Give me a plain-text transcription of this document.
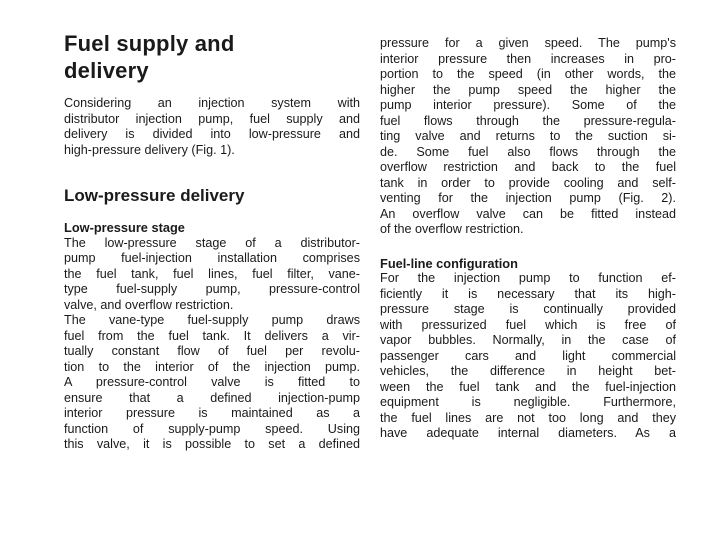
Fuel supply and
delivery
Considering an injection system with
distributor injection pump, fuel supply and
delivery is divided into low-pressure and
high-pressure delivery (Fig. 1).
Low-pressure delivery
Low-pressure stage
The low-pressure stage of a distributor-
pump fuel-injection installation comprises
the fuel tank, fuel lines, fuel filter, vane-
type fuel-supply pump, pressure-control
valve, and overflow restriction.
The vane-type fuel-supply pump draws
fuel from the fuel tank. It delivers a vir-
tually constant flow of fuel per revolu-
tion to the interior of the injection pump.
A pressure-control valve is fitted to
ensure that a defined injection-pump
interior pressure is maintained as a
function of supply-pump speed. Using
this valve, it is possible to set a defined
pressure for a given speed. The pump's
interior pressure then increases in pro-
portion to the speed (in other words, the
higher the pump speed the higher the
pump interior pressure). Some of the
fuel flows through the pressure-regula-
ting valve and returns to the suction si-
de. Some fuel also flows through the
overflow restriction and back to the fuel
tank in order to provide cooling and self-
venting for the injection pump (Fig. 2).
An overflow valve can be fitted instead
of the overflow restriction.
Fuel-line configuration
For the injection pump to function ef-
ficiently it is necessary that its high-
pressure stage is continually provided
with pressurized fuel which is free of
vapor bubbles. Normally, in the case of
passenger cars and light commercial
vehicles, the difference in height bet-
ween the fuel tank and the fuel-injection
equipment is negligible. Furthermore,
the fuel lines are not too long and they
have adequate internal diameters. As a
